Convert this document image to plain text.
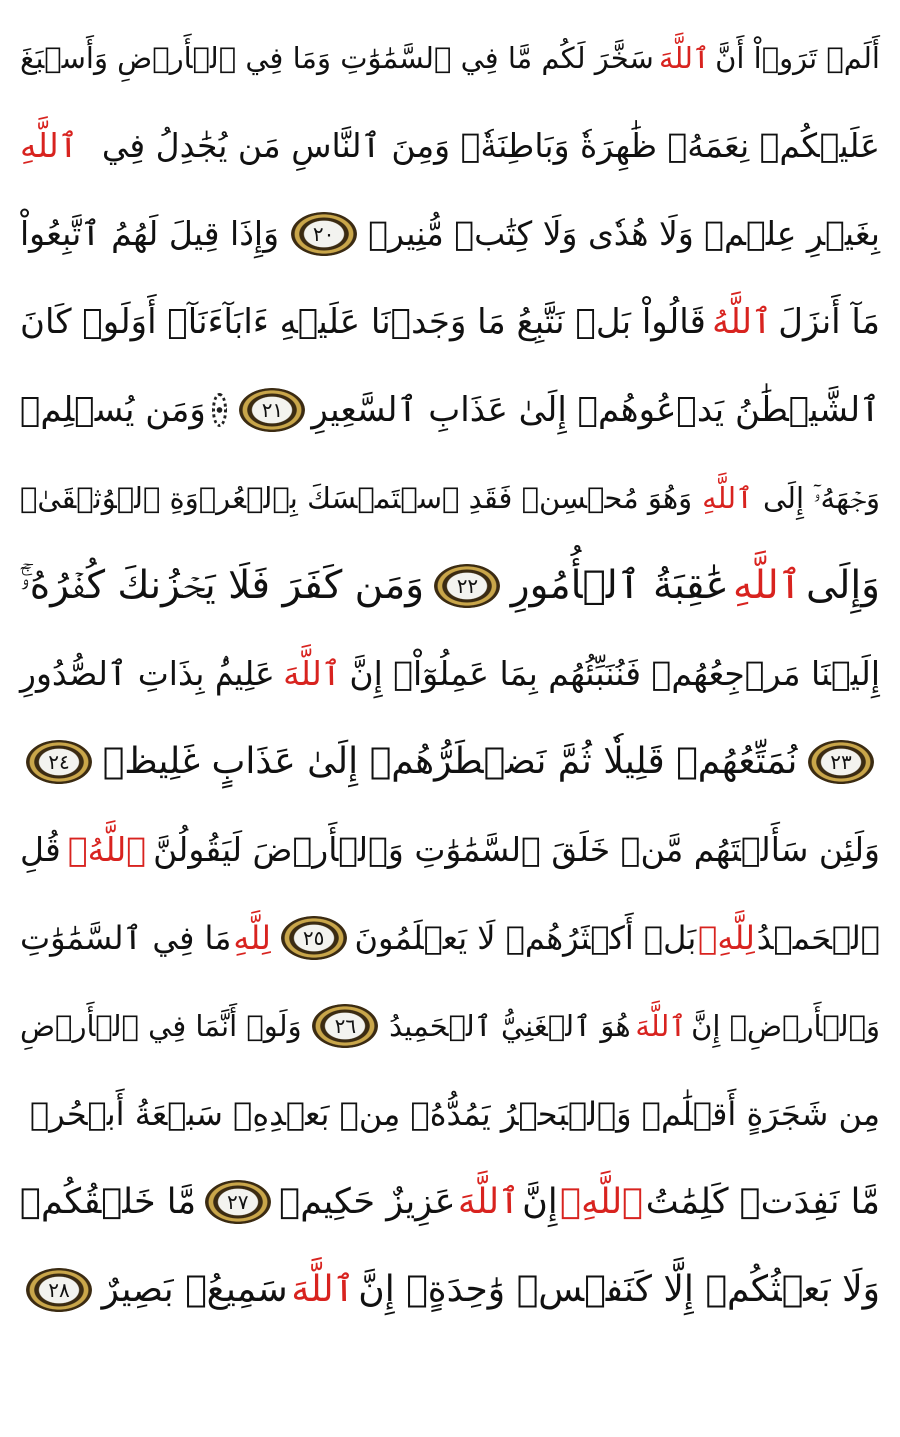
أَلَمۡ تَرَوۡاْ أَنَّ
ٱللَّهَ
سَخَّرَ لَكُم مَّا فِي ٱلسَّمَٰوَٰتِ وَمَا فِي ٱلۡأَرۡضِ وَأَسۡبَغَ
عَلَيۡكُمۡ نِعَمَهُۥ ظَٰهِرَةٗ وَبَاطِنَةٗۗ وَمِنَ ٱلنَّاسِ مَن يُجَٰدِلُ فِي
ٱللَّهِ
بِغَيۡرِ عِلۡمٖ وَلَا هُدٗى وَلَا كِتَٰبٖ مُّنِيرٖ
٢٠
وَإِذَا قِيلَ لَهُمُ ٱتَّبِعُواْ
مَآ أَنزَلَ
ٱللَّهُ
قَالُواْ بَلۡ نَتَّبِعُ مَا وَجَدۡنَا عَلَيۡهِ ءَابَآءَنَآۚ أَوَلَوۡ كَانَ
ٱلشَّيۡطَٰنُ يَدۡعُوهُمۡ إِلَىٰ عَذَابِ ٱلسَّعِيرِ
٢١
وَمَن يُسۡلِمۡ
وَجۡهَهُۥٓ إِلَى
ٱللَّهِ
وَهُوَ مُحۡسِنٞ فَقَدِ ٱسۡتَمۡسَكَ بِٱلۡعُرۡوَةِ ٱلۡوُثۡقَىٰۗ
وَإِلَى
ٱللَّهِ
عَٰقِبَةُ ٱلۡأُمُورِ
٢٢
وَمَن كَفَرَ فَلَا يَحۡزُنكَ كُفۡرُهُۥٓۚ
إِلَيۡنَا مَرۡجِعُهُمۡ فَنُنَبِّئُهُم بِمَا عَمِلُوٓاْۚ إِنَّ
ٱللَّهَ
عَلِيمُۢ بِذَاتِ ٱلصُّدُورِ
٢٣
نُمَتِّعُهُمۡ قَلِيلٗا ثُمَّ نَضۡطَرُّهُمۡ إِلَىٰ عَذَابٍ غَلِيظٖ
٢٤
وَلَئِن سَأَلۡتَهُم مَّنۡ خَلَقَ ٱلسَّمَٰوَٰتِ وَٱلۡأَرۡضَ لَيَقُولُنَّ
ٱللَّهُۚ
قُلِ
ٱلۡحَمۡدُ
لِلَّهِۚ
بَلۡ أَكۡثَرُهُمۡ لَا يَعۡلَمُونَ
٢٥
لِلَّهِ
مَا فِي ٱلسَّمَٰوَٰتِ
وَٱلۡأَرۡضِۚ إِنَّ
ٱللَّهَ
هُوَ ٱلۡغَنِيُّ ٱلۡحَمِيدُ
٢٦
وَلَوۡ أَنَّمَا فِي ٱلۡأَرۡضِ
مِن شَجَرَةٍ أَقۡلَٰمٞ وَٱلۡبَحۡرُ يَمُدُّهُۥ مِنۢ بَعۡدِهِۦ سَبۡعَةُ أَبۡحُرٖ
مَّا نَفِدَتۡ كَلِمَٰتُ
ٱللَّهِۚ
إِنَّ
ٱللَّهَ
عَزِيزٌ حَكِيمٞ
٢٧
مَّا خَلۡقُكُمۡ
وَلَا بَعۡثُكُمۡ إِلَّا كَنَفۡسٖ وَٰحِدَةٍۚ إِنَّ
ٱللَّهَ
سَمِيعُۢ بَصِيرٌ
٢٨
